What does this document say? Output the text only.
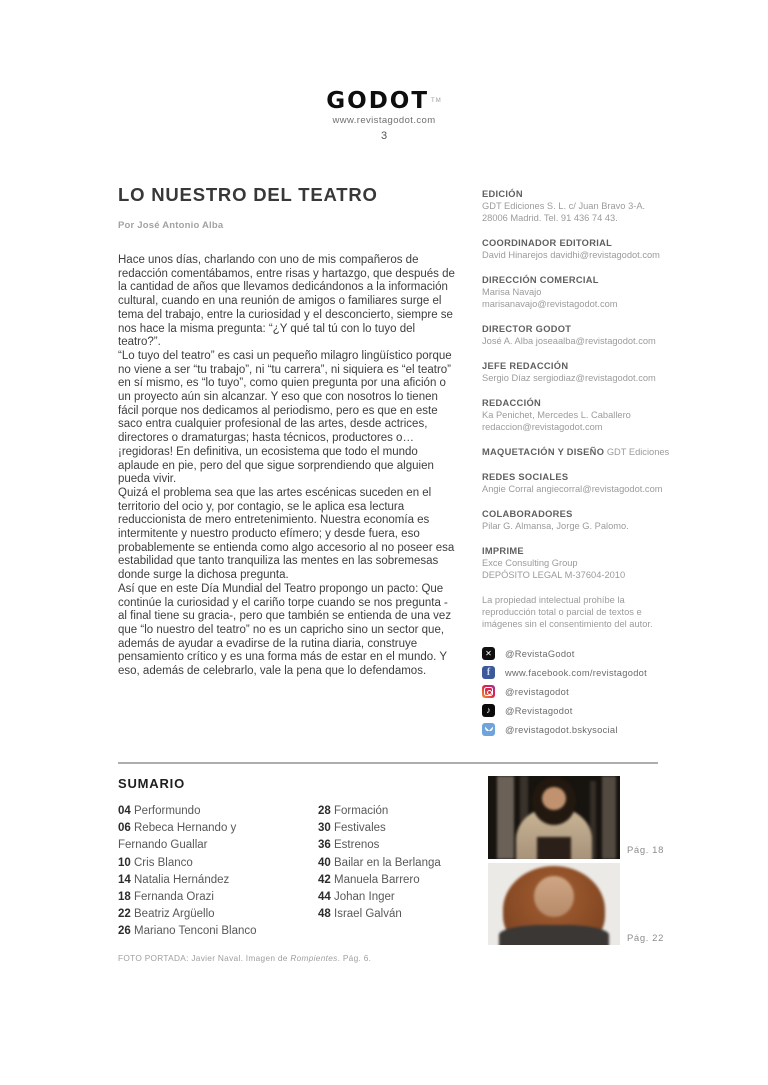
GODOT ™
www.revistagodot.com
3
LO NUESTRO DEL TEATRO
Por José Antonio Alba

Hace unos días, charlando con uno de mis compañeros de redacción comentábamos, entre risas y hartazgo, que después de la cantidad de años que llevamos dedicándonos a la información cultural, cuando en una reunión de amigos o familiares surge el tema del trabajo, entre la curiosidad y el desconcierto, siempre se nos hace la misma pregunta: “¿Y qué tal tú con lo tuyo del teatro?”.

“Lo tuyo del teatro” es casi un pequeño milagro lingüístico porque no viene a ser “tu trabajo”, ni “tu carrera”, ni siquiera es “el teatro” en sí mismo, es “lo tuyo”, como quien pregunta por una afición o un proyecto aún sin alcanzar. Y eso que con nosotros lo tienen fácil porque nos dedicamos al periodismo, pero es que en este saco entra cualquier profesional de las artes, desde actrices, directores o dramaturgas; hasta técnicos, productores o… ¡regidoras! En definitiva, un ecosistema que todo el mundo aplaude en pie, pero del que sigue sorprendiendo que alguien pueda vivir.

Quizá el problema sea que las artes escénicas suceden en el territorio del ocio y, por contagio, se le aplica esa lectura reduccionista de mero entretenimiento. Nuestra economía es intermitente y nuestro producto efímero; y desde fuera, eso probablemente se entienda como algo accesorio al no poseer esa estabilidad que tanto tranquiliza las mentes en las sobremesas donde surge la dichosa pregunta.

Así que en este Día Mundial del Teatro propongo un pacto: Que continúe la curiosidad y el cariño torpe cuando se nos pregunta -al final tiene su gracia-, pero que también se entienda de una vez que “lo nuestro del teatro” no es un capricho sino un sector que, además de ayudar a evadirse de la rutina diaria, construye pensamiento crítico y es una forma más de estar en el mundo. Y eso, además de celebrarlo, vale la pena que lo defendamos.

EDICIÓN
GDT Ediciones S. L. c/ Juan Bravo 3-A.
28006 Madrid. Tel. 91 436 74 43.
COORDINADOR EDITORIAL
David Hinarejos davidhi@revistagodot.com
DIRECCIÓN COMERCIAL
Marisa Navajo
marisanavajo@revistagodot.com
DIRECTOR GODOT
José A. Alba joseaalba@revistagodot.com
JEFE REDACCIÓN
Sergio Díaz sergiodiaz@revistagodot.com
REDACCIÓN
Ka Penichet, Mercedes L. Caballero
redaccion@revistagodot.com
MAQUETACIÓN Y DISEÑO GDT Ediciones
REDES SOCIALES
Angie Corral angiecorral@revistagodot.com
COLABORADORES
Pilar G. Almansa, Jorge G. Palomo.
IMPRIME
Exce Consulting Group
DEPÓSITO LEGAL M-37604-2010
La propiedad intelectual prohíbe la reproducción total o parcial de textos e imágenes sin el consentimiento del autor.
✕	@RevistaGodot
f	www.facebook.com/revistagodot
@revistagodot
♪	@Revistagodot
@revistagodot.bskysocial
SUMARIO
04 Performundo
06 Rebeca Hernando y Fernando Guallar
10 Cris Blanco
14 Natalia Hernández
18 Fernanda Orazi
22 Beatriz Argüello
26 Mariano Tenconi Blanco
28 Formación
30 Festivales
36 Estrenos
40 Bailar en la Berlanga
42 Manuela Barrero
44 Johan Inger
48 Israel Galván
FOTO PORTADA: Javier Naval. Imagen de Rompientes. Pág. 6.
Pág. 18
Pág. 22
